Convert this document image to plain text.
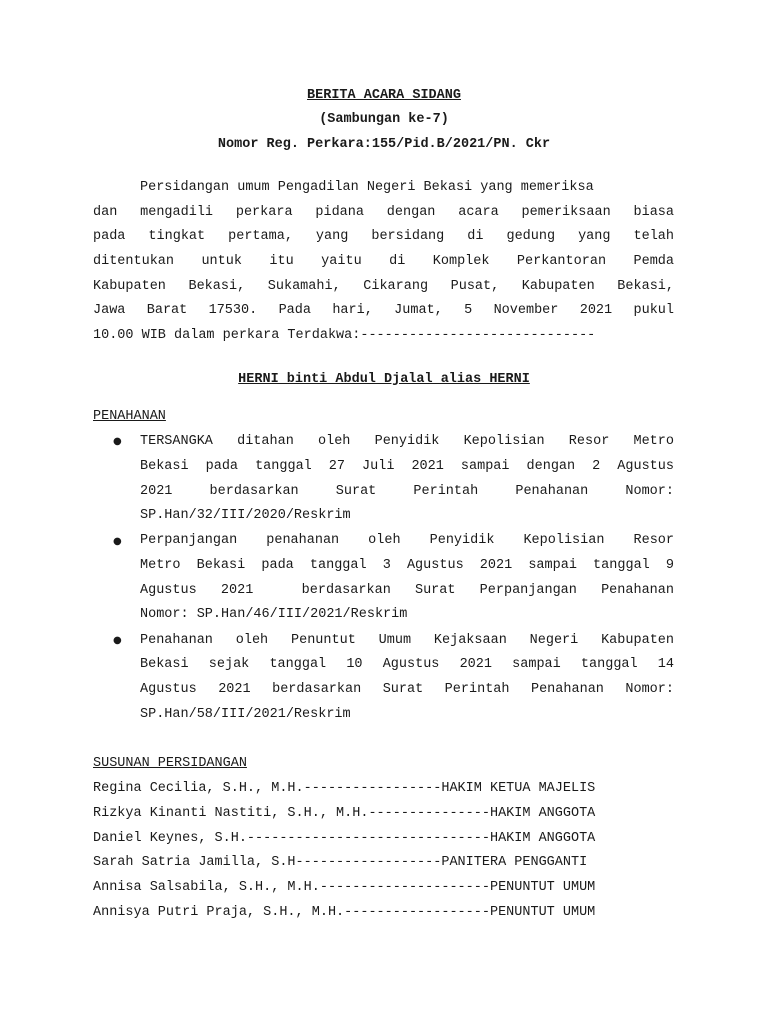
BERITA ACARA SIDANG
(Sambungan ke-7)
Nomor Reg. Perkara:155/Pid.B/2021/PN. Ckr
Persidangan umum Pengadilan Negeri Bekasi yang memeriksa
dan mengadili perkara pidana dengan acara pemeriksaan biasa
pada tingkat pertama, yang bersidang di gedung yang telah
ditentukan untuk itu yaitu di Komplek Perkantoran Pemda
Kabupaten Bekasi, Sukamahi, Cikarang Pusat, Kabupaten Bekasi,
Jawa Barat 17530. Pada hari, Jumat, 5 November 2021 pukul
10.00 WIB dalam perkara Terdakwa:-----------------------------
HERNI binti Abdul Djalal alias HERNI
PENAHANAN
● TERSANGKA ditahan oleh Penyidik Kepolisian Resor Metro
Bekasi pada tanggal 27 Juli 2021 sampai dengan 2 Agustus
2021 berdasarkan Surat Perintah Penahanan Nomor:
SP.Han/32/III/2020/Reskrim
● Perpanjangan penahanan oleh Penyidik Kepolisian Resor
Metro Bekasi pada tanggal 3 Agustus 2021 sampai tanggal 9
Agustus 2021  berdasarkan Surat Perpanjangan Penahanan
Nomor: SP.Han/46/III/2021/Reskrim
● Penahanan oleh Penuntut Umum Kejaksaan Negeri Kabupaten
Bekasi sejak tanggal 10 Agustus 2021 sampai tanggal 14
Agustus 2021 berdasarkan Surat Perintah Penahanan Nomor:
SP.Han/58/III/2021/Reskrim
SUSUNAN PERSIDANGAN
Regina Cecilia, S.H., M.H.-----------------HAKIM KETUA MAJELIS
Rizkya Kinanti Nastiti, S.H., M.H.---------------HAKIM ANGGOTA
Daniel Keynes, S.H.------------------------------HAKIM ANGGOTA
Sarah Satria Jamilla, S.H------------------PANITERA PENGGANTI
Annisa Salsabila, S.H., M.H.---------------------PENUNTUT UMUM
Annisya Putri Praja, S.H., M.H.------------------PENUNTUT UMUM
